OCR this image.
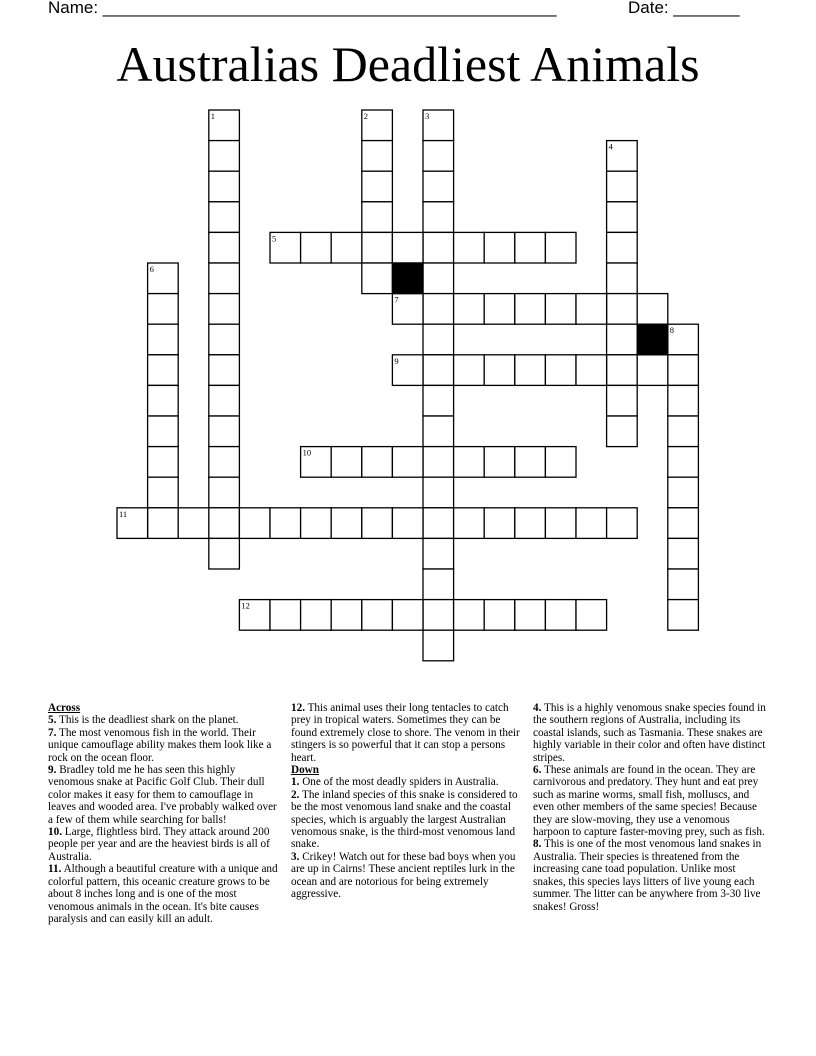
Name: ________________________________________________	Date: _______
Australias Deadliest Animals
1	2	3
4
5
6
7
8
9
10
11
12

Across

5. This is the deadliest shark on the planet.

7. The most venomous fish in the world. Their unique camouflage ability makes them look like a rock on the ocean floor.

9. Bradley told me he has seen this highly venomous snake at Pacific Golf Club. Their dull color makes it easy for them to camouflage in leaves and wooded area. I've probably walked over a few of them while searching for balls!

10. Large, flightless bird. They attack around 200 people per year and are the heaviest birds is all of Australia.

11. Although a beautiful creature with a unique and colorful pattern, this oceanic creature grows to be about 8 inches long and is one of the most venomous animals in the ocean. It's bite causes paralysis and can easily kill an adult.

12. This animal uses their long tentacles to catch prey in tropical waters. Sometimes they can be found extremely close to shore. The venom in their stingers is so powerful that it can stop a persons heart.

Down

1. One of the most deadly spiders in Australia.

2. The inland species of this snake is considered to be the most venomous land snake and the coastal species, which is arguably the largest Australian venomous snake, is the third-most venomous land snake.

3. Crikey! Watch out for these bad boys when you are up in Cairns! These ancient reptiles lurk in the ocean and are notorious for being extremely aggressive.

4. This is a highly venomous snake species found in the southern regions of Australia, including its coastal islands, such as Tasmania. These snakes are highly variable in their color and often have distinct stripes.

6. These animals are found in the ocean. They are carnivorous and predatory. They hunt and eat prey such as marine worms, small fish, molluscs, and even other members of the same species! Because they are slow-moving, they use a venomous harpoon to capture faster-moving prey, such as fish.

8. This is one of the most venomous land snakes in Australia. Their species is threatened from the increasing cane toad population. Unlike most snakes, this species lays litters of live young each summer. The litter can be anywhere from 3-30 live snakes! Gross!
